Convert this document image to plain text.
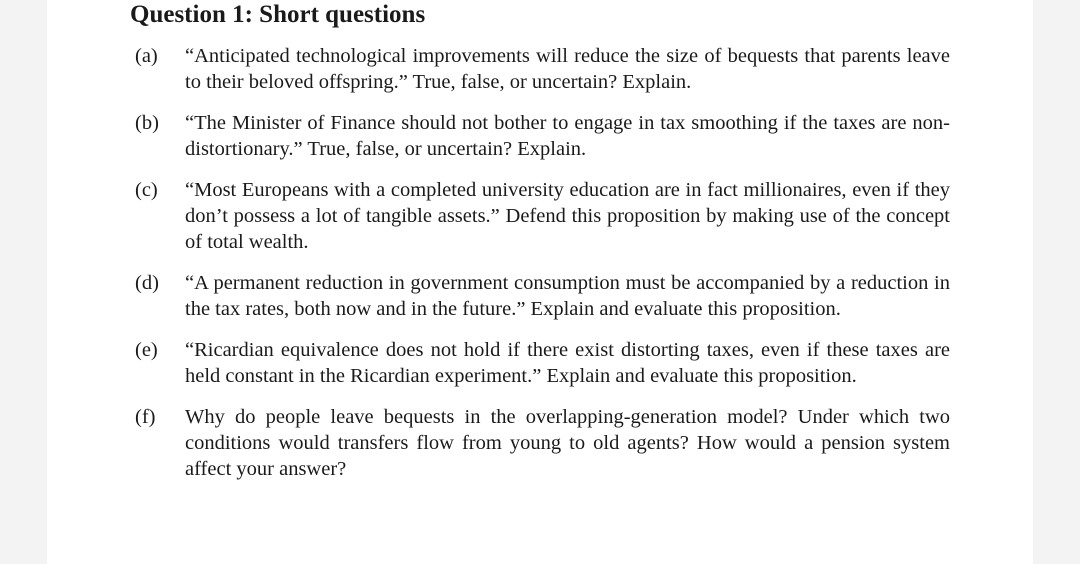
Question 1: Short questions
(a)	“Anticipated technological improvements will reduce the size of bequests that parents leave to their beloved offspring.” True, false, or uncertain? Explain.
(b)	“The Minister of Finance should not bother to engage in tax smoothing if the taxes are non-distortionary.” True, false, or uncertain? Explain.
(c)	“Most Europeans with a completed university education are in fact millionaires, even if they don’t possess a lot of tangible assets.” Defend this proposition by making use of the concept of total wealth.
(d)	“A permanent reduction in government consumption must be accompanied by a reduction in the tax rates, both now and in the future.” Explain and evaluate this proposition.
(e)	“Ricardian equivalence does not hold if there exist distorting taxes, even if these taxes are held constant in the Ricardian experiment.” Explain and evaluate this proposition.
(f)	Why do people leave bequests in the overlapping-generation model? Under which two conditions would transfers flow from young to old agents? How would a pension system affect your answer?
